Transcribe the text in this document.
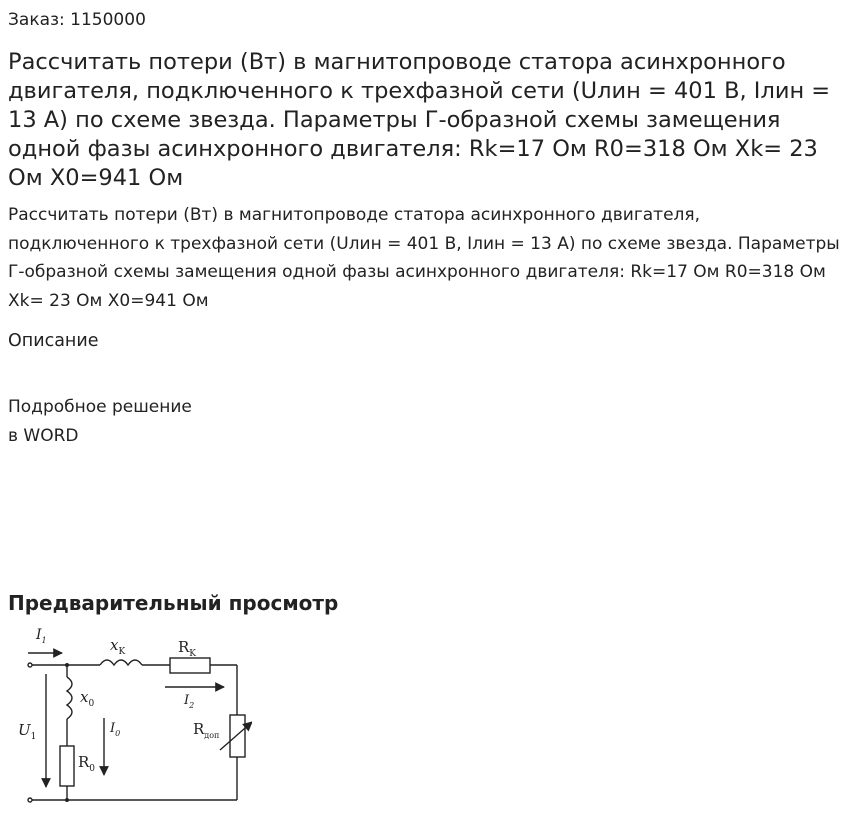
Заказ: 1150000
Рассчитать потери (Вт) в магнитопроводе статора асинхронного двигателя, подключенного к трехфазной сети (Uлин = 401 В, Iлин = 13 А) по схеме звезда. Параметры Г-образной схемы замещения одной фазы асинхронного двигателя: Rk=17 Ом R0=318 Ом Xk= 23 Ом X0=941 Ом
Рассчитать потери (Вт) в магнитопроводе статора асинхронного двигателя, подключенного к трехфазной сети (Uлин = 401 В, Iлин = 13 А) по схеме звезда. Параметры Г-образной схемы замещения одной фазы асинхронного двигателя: Rk=17 Ом R0=318 Ом Xk= 23 Ом X0=941 Ом
Описание
Подробное решение
в WORD
Предварительный просмотр
$I_1$	$x_K$	$R_K$
$I_2$
$x_0$
$I_0$
$U_1$
$R_0$
$R_{доп}$
